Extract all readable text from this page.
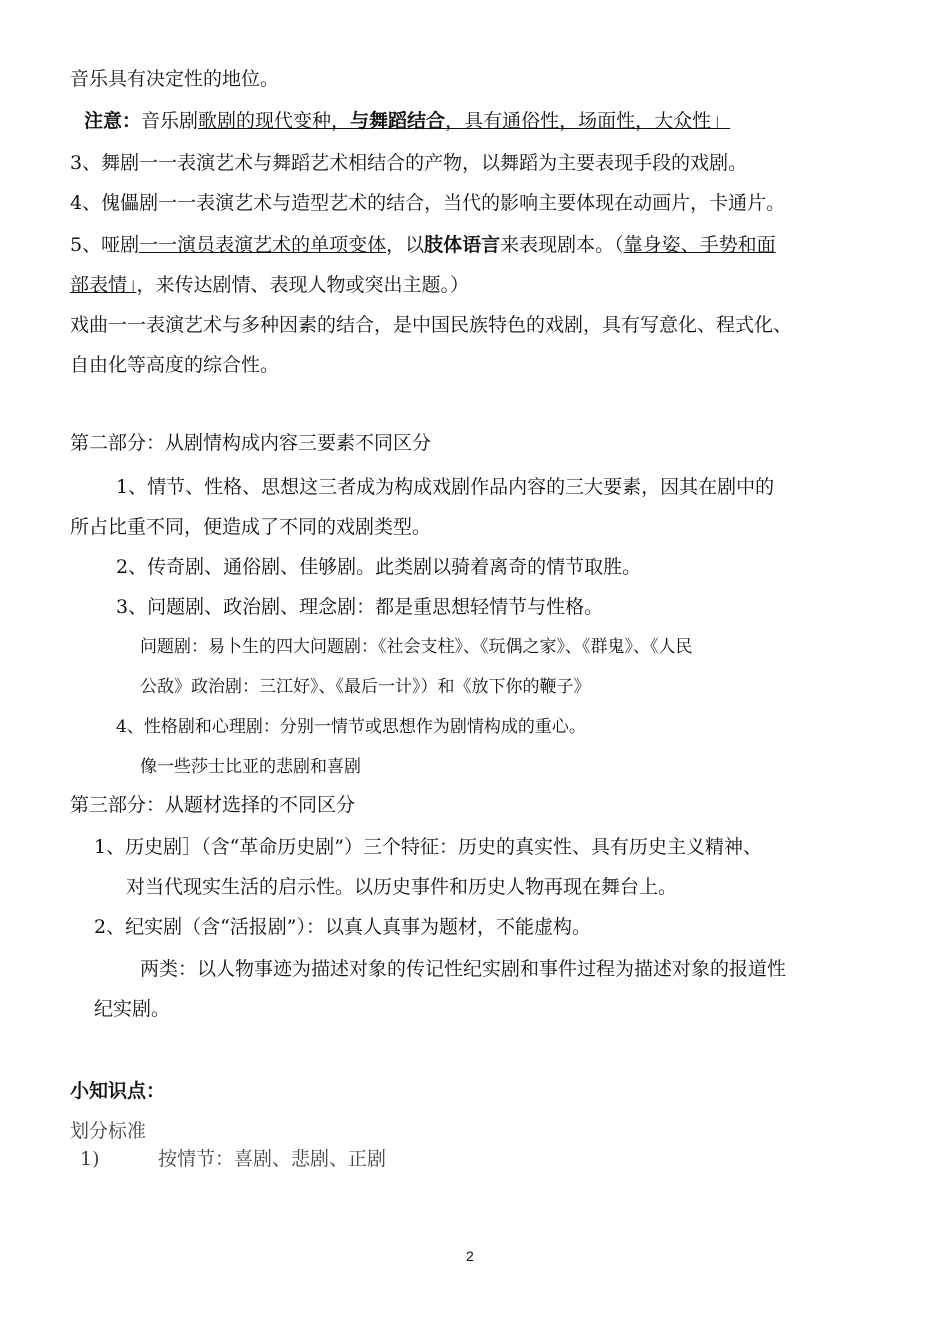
音乐具有决定性的地位。
注意：音乐剧歌剧的现代变种，与舞蹈结合，具有通俗性，场面性，大众性」
3、舞剧一一表演艺术与舞蹈艺术相结合的产物，以舞蹈为主要表现手段的戏剧。
4、傀儡剧一一表演艺术与造型艺术的结合，当代的影响主要体现在动画片，卡通片。
5、哑剧一一演员表演艺术的单项变体，以肢体语言来表现剧本。（靠身姿、手势和面
部表情」，来传达剧情、表现人物或突出主题。）
戏曲一一表演艺术与多种因素的结合，是中国民族特色的戏剧，具有写意化、程式化、
自由化等高度的综合性。
第二部分：从剧情构成内容三要素不同区分
1、情节、性格、思想这三者成为构成戏剧作品内容的三大要素，因其在剧中的
所占比重不同，便造成了不同的戏剧类型。
2、传奇剧、通俗剧、佳够剧。此类剧以骑着离奇的情节取胜。
3、问题剧、政治剧、理念剧：都是重思想轻情节与性格。
问题剧：易卜生的四大问题剧：《社会支柱》、《玩偶之家》、《群鬼》、《人民
公敌》政治剧：三江好》、《最后一计》）和《放下你的鞭子》
4、性格剧和心理剧：分别一情节或思想作为剧情构成的重心。
像一些莎士比亚的悲剧和喜剧
第三部分：从题材选择的不同区分
1、历史剧］（含“革命历史剧”）三个特征：历史的真实性、具有历史主义精神、
对当代现实生活的启示性。以历史事件和历史人物再现在舞台上。
2、纪实剧（含“活报剧”）：以真人真事为题材，不能虚构。
两类：以人物事迹为描述对象的传记性纪实剧和事件过程为描述对象的报道性
纪实剧。
小知识点：
划分标准
1)	按情节：喜剧、悲剧、正剧
2
